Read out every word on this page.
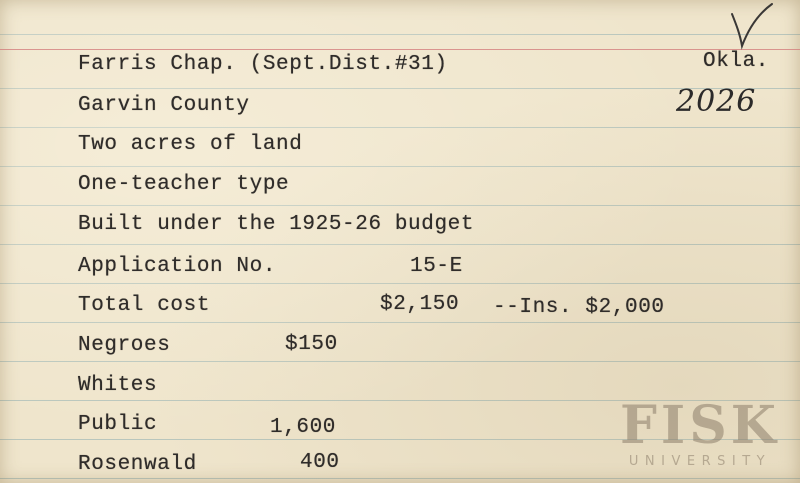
Farris Chap. (Sept.Dist.#31)	Okla.
Garvin County	2026
Two acres of land
One-teacher type
Built under the 1925-26 budget
Application No.	15-E
Total cost	$2,150 --Ins. $2,000
Negroes	$150
Whites
Public	1,600
Rosenwald	400
FISK
UNIVERSITY
